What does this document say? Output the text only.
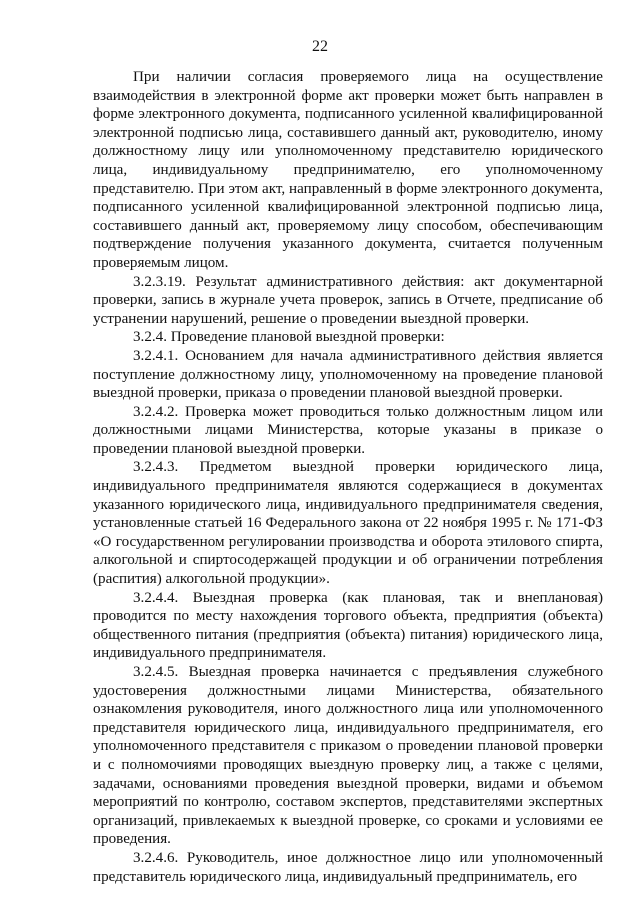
22

При наличии согласия проверяемого лица на осуществление взаимодействия в электронной форме акт проверки может быть направлен в форме электронного документа, подписанного усиленной квалифицированной электронной подписью лица, составившего данный акт, руководителю, иному должностному лицу или уполномоченному представителю юридического лица, индивидуальному предпринимателю, его уполномоченному представителю. При этом акт, направленный в форме электронного документа, подписанного усиленной квалифицированной электронной подписью лица, составившего данный акт, проверяемому лицу способом, обеспечивающим подтверждение получения указанного документа, считается полученным проверяемым лицом.

3.2.3.19. Результат административного действия: акт документарной проверки, запись в журнале учета проверок, запись в Отчете, предписание об устранении нарушений, решение о проведении выездной проверки.

3.2.4. Проведение плановой выездной проверки:

3.2.4.1. Основанием для начала административного действия является поступление должностному лицу, уполномоченному на проведение плановой выездной проверки, приказа о проведении плановой выездной проверки.

3.2.4.2. Проверка может проводиться только должностным лицом или должностными лицами Министерства, которые указаны в приказе о проведении плановой выездной проверки.

3.2.4.3. Предметом выездной проверки юридического лица, индивидуального предпринимателя являются содержащиеся в документах указанного юридического лица, индивидуального предпринимателя сведения, установленные статьей 16 Федерального закона от 22 ноября 1995 г. № 171-ФЗ «О государственном регулировании производства и оборота этилового спирта, алкогольной и спиртосодержащей продукции и об ограничении потребления (распития) алкогольной продукции».

3.2.4.4. Выездная проверка (как плановая, так и внеплановая) проводится по месту нахождения торгового объекта, предприятия (объекта) общественного питания (предприятия (объекта) питания) юридического лица, индивидуального предпринимателя.

3.2.4.5. Выездная проверка начинается с предъявления служебного удостоверения должностными лицами Министерства, обязательного ознакомления руководителя, иного должностного лица или уполномоченного представителя юридического лица, индивидуального предпринимателя, его уполномоченного представителя с приказом о проведении плановой проверки и с полномочиями проводящих выездную проверку лиц, а также с целями, задачами, основаниями проведения выездной проверки, видами и объемом мероприятий по контролю, составом экспертов, представителями экспертных организаций, привлекаемых к выездной проверке, со сроками и условиями ее проведения.

3.2.4.6. Руководитель, иное должностное лицо или уполномоченный представитель юридического лица, индивидуальный предприниматель, его
